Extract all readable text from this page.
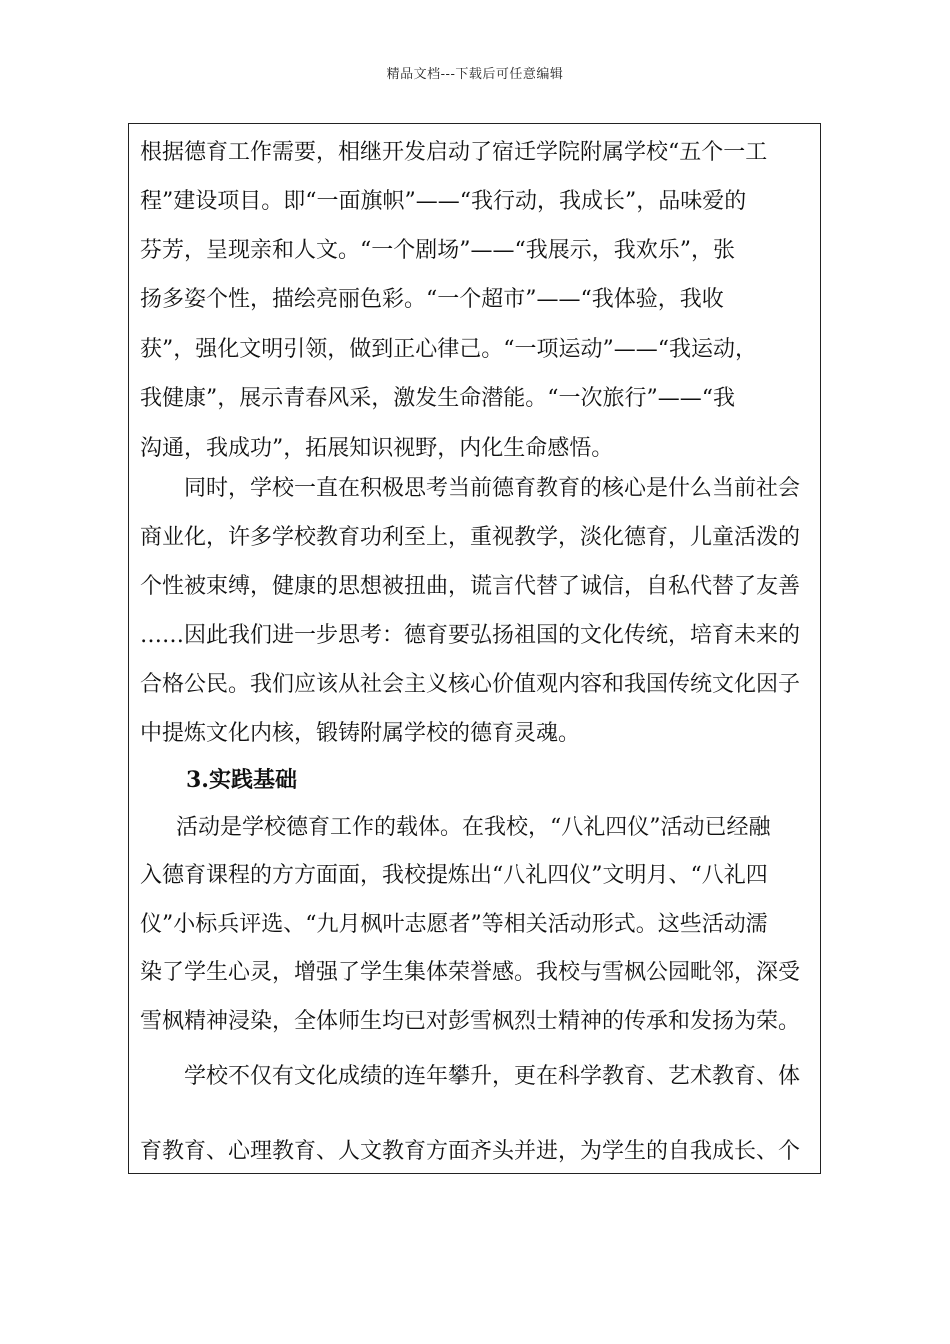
精品文档---下载后可任意编辑
根据德育工作需要，相继开发启动了宿迁学院附属学校“五个一工
程”建设项目。即“一面旗帜”——“我行动，我成长”，品味爱的
芬芳，呈现亲和人文。“一个剧场”——“我展示，我欢乐”，张
扬多姿个性，描绘亮丽色彩。“一个超市”——“我体验，我收
获”，强化文明引领，做到正心律己。“一项运动”——“我运动，
我健康”，展示青春风采，激发生命潜能。“一次旅行”——“我
沟通，我成功”，拓展知识视野，内化生命感悟。
同时，学校一直在积极思考当前德育教育的核心是什么当前社会
商业化，许多学校教育功利至上，重视教学，淡化德育，儿童活泼的
个性被束缚，健康的思想被扭曲，谎言代替了诚信，自私代替了友善
……因此我们进一步思考：德育要弘扬祖国的文化传统，培育未来的
合格公民。我们应该从社会主义核心价值观内容和我国传统文化因子
中提炼文化内核，锻铸附属学校的德育灵魂。
3.实践基础
活动是学校德育工作的载体。在我校，“八礼四仪”活动已经融
入德育课程的方方面面，我校提炼出“八礼四仪”文明月、“八礼四
仪”小标兵评选、“九月枫叶志愿者”等相关活动形式。这些活动濡
染了学生心灵，增强了学生集体荣誉感。我校与雪枫公园毗邻，深受
雪枫精神浸染，全体师生均已对彭雪枫烈士精神的传承和发扬为荣。
学校不仅有文化成绩的连年攀升，更在科学教育、艺术教育、体
育教育、心理教育、人文教育方面齐头并进，为学生的自我成长、个
